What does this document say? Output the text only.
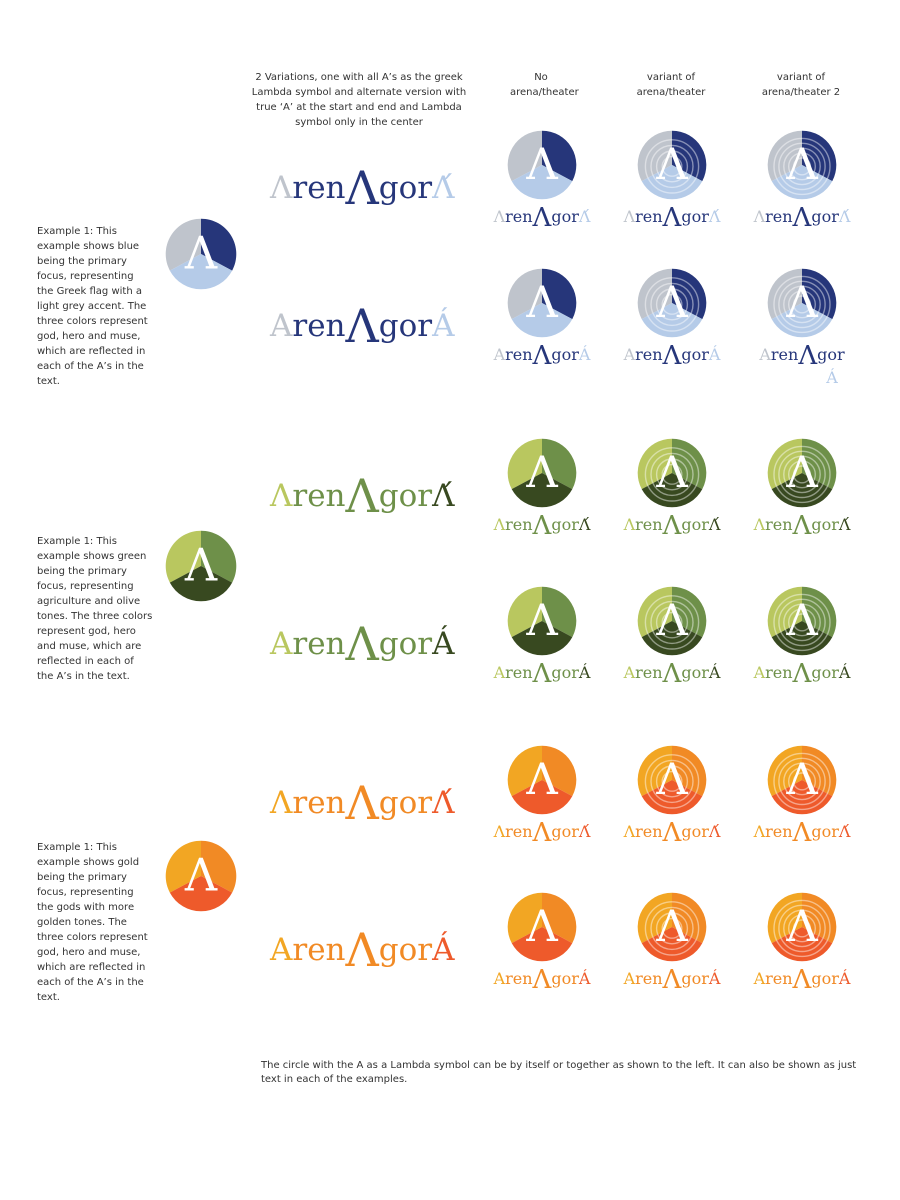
2 Variations, one with all A’s as the greek Lambda symbol and alternate version with true ‘A’ at the start and end and Lambda symbol only in the center
No arena/theater
variant of arena/theater
variant of arena/theater 2
Example 1: This example shows blue being the primary focus, representing the Greek flag with a light grey accent. The three colors represent god, hero and muse, which are reflected in each of the A’s in the text.
Example 1: This example shows green being the primary focus, representing agriculture and olive tones. The three colors represent god, hero and muse, which are reflected in each of the A’s in the text.
Example 1: This example shows gold being the primary focus, representing the gods with more golden tones. The three colors represent god, hero and muse, which are reflected in each of the A’s in the text.
Λ
ΛrenΛgorΛ́ Λ
ΛrenΛgorΛ́
Λ
ΛrenΛgorΛ́
Λ
ΛrenΛgorΛ́
ArenΛgorÁ Λ
ArenΛgorÁ
Λ
ArenΛgorÁ
Λ
ArenΛgor
Á
Λ
ΛrenΛgorΛ́ Λ
ΛrenΛgorΛ́
Λ
ΛrenΛgorΛ́
Λ
ΛrenΛgorΛ́
ArenΛgorÁ Λ
ArenΛgorÁ
Λ
ArenΛgorÁ
Λ
ArenΛgorÁ
Λ
ΛrenΛgorΛ́ Λ
ΛrenΛgorΛ́
Λ
ΛrenΛgorΛ́
Λ
ΛrenΛgorΛ́
ArenΛgorÁ Λ
ArenΛgorÁ
Λ
ArenΛgorÁ
Λ
ArenΛgorÁ
The circle with the A as a Lambda symbol can be by itself or together as shown to the left. It can also be shown as just text in each of the examples.
